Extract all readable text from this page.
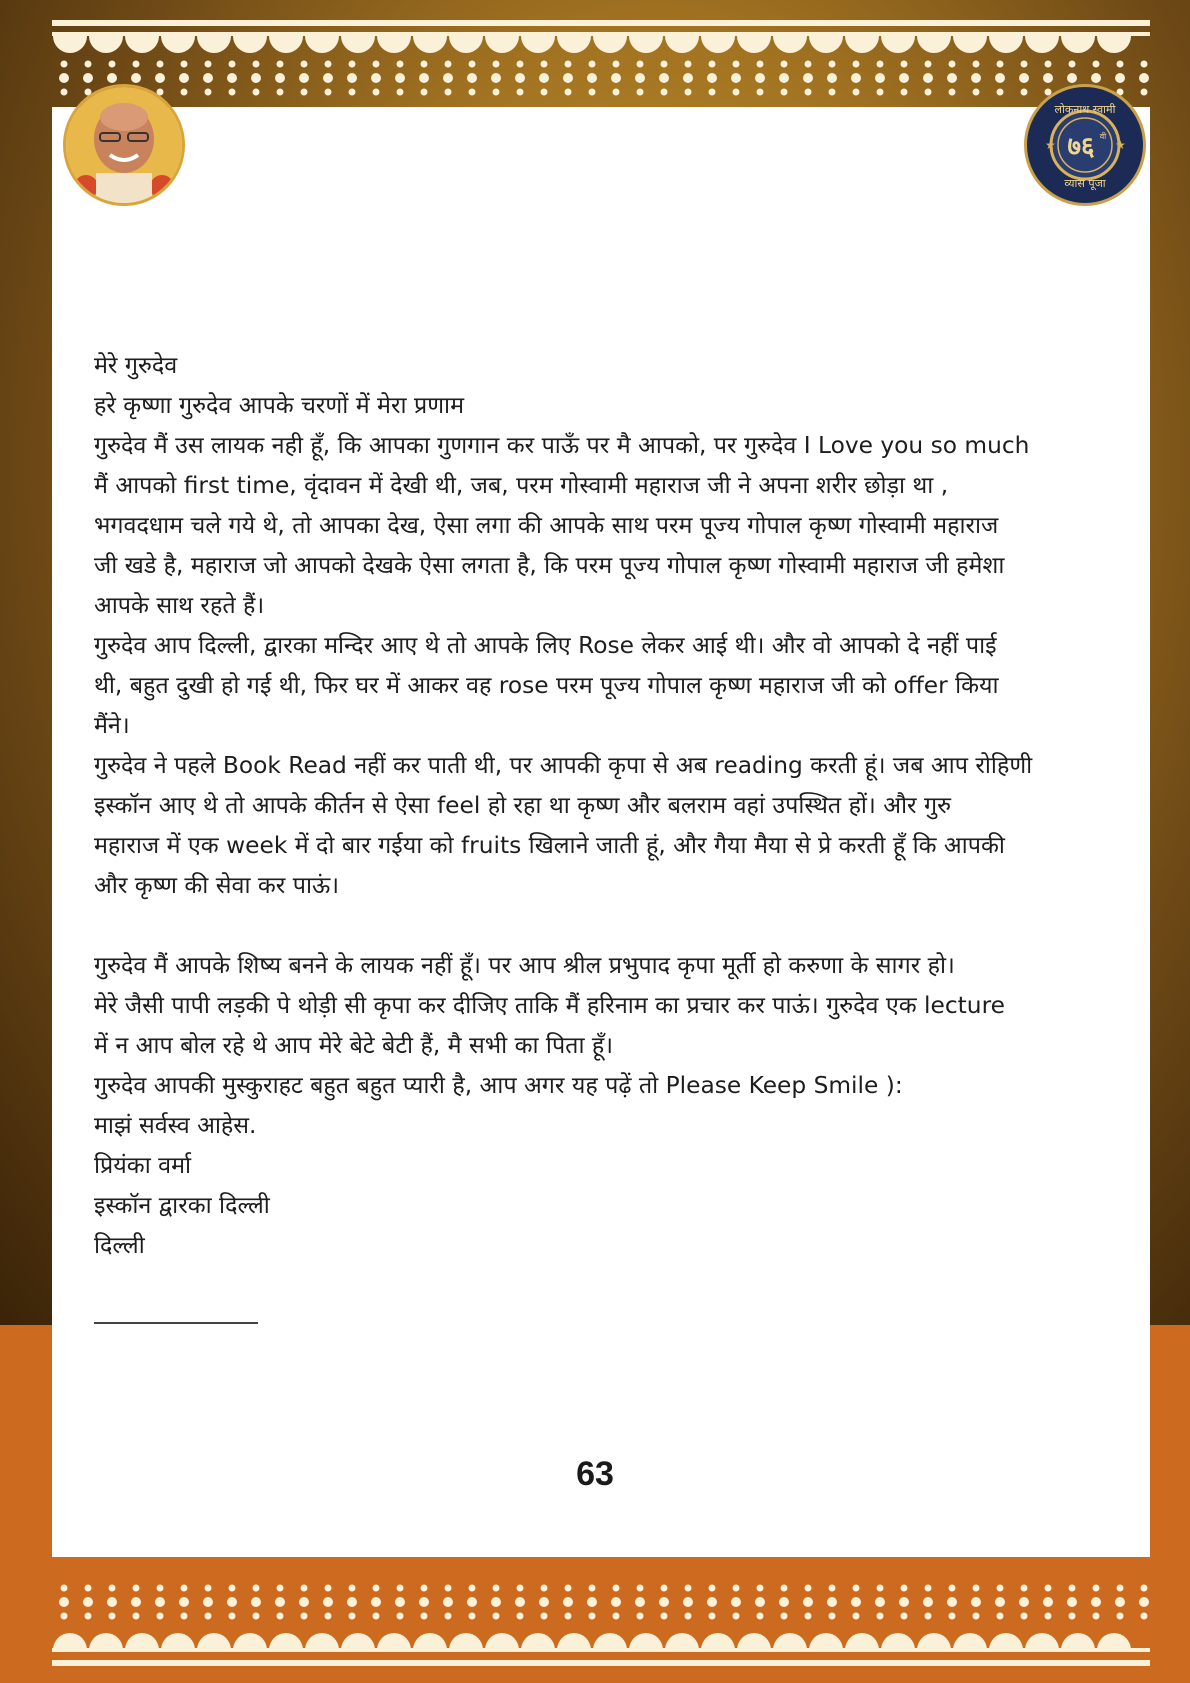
★	★
लोकनाथ स्वामी
७६ वी
व्यास पूजा

मेरे गुरुदेव

हरे कृष्णा गुरुदेव आपके चरणों में मेरा प्रणाम

गुरुदेव मैं उस लायक नही हूँ, कि आपका गुणगान कर पाऊँ पर मै आपको, पर गुरुदेव I Love you so much

मैं आपको first time, वृंदावन में देखी थी, जब, परम गोस्वामी महाराज जी ने अपना शरीर छोड़ा था ,

भगवदधाम चले गये थे, तो आपका देख, ऐसा लगा की आपके साथ परम पूज्य गोपाल कृष्ण गोस्वामी महाराज

जी खडे है, महाराज जो आपको देखके ऐसा लगता है, कि परम पूज्य गोपाल कृष्ण गोस्वामी महाराज जी हमेशा

आपके साथ रहते हैं।

गुरुदेव आप दिल्ली, द्वारका मन्दिर आए थे तो आपके लिए Rose लेकर आई थी। और वो आपको दे नहीं पाई

थी, बहुत दुखी हो गई थी, फिर घर में आकर वह rose परम पूज्य गोपाल कृष्ण महाराज जी को offer किया

मैंने।

गुरुदेव ने पहले Book Read नहीं कर पाती थी, पर आपकी कृपा से अब reading करती हूं। जब आप रोहिणी

इस्कॉन आए थे तो आपके कीर्तन से ऐसा feel हो रहा था कृष्ण और बलराम वहां उपस्थित हों। और गुरु

महाराज में एक week में दो बार गईया को fruits खिलाने जाती हूं, और गैया मैया से प्रे करती हूँ कि आपकी

और कृष्ण की सेवा कर पाऊं।

गुरुदेव मैं आपके शिष्य बनने के लायक नहीं हूँ। पर आप श्रील प्रभुपाद कृपा मूर्ती हो करुणा के सागर हो।

मेरे जैसी पापी लड़की पे थोड़ी सी कृपा कर दीजिए ताकि मैं हरिनाम का प्रचार कर पाऊं। गुरुदेव एक lecture

में न आप बोल रहे थे आप मेरे बेटे बेटी हैं, मै सभी का पिता हूँ।

गुरुदेव आपकी मुस्कुराहट बहुत बहुत प्यारी है, आप अगर यह पढ़ें तो Please Keep Smile ):

माझं सर्वस्व आहेस.

प्रियंका वर्मा

इस्कॉन द्वारका दिल्ली

दिल्ली

63
